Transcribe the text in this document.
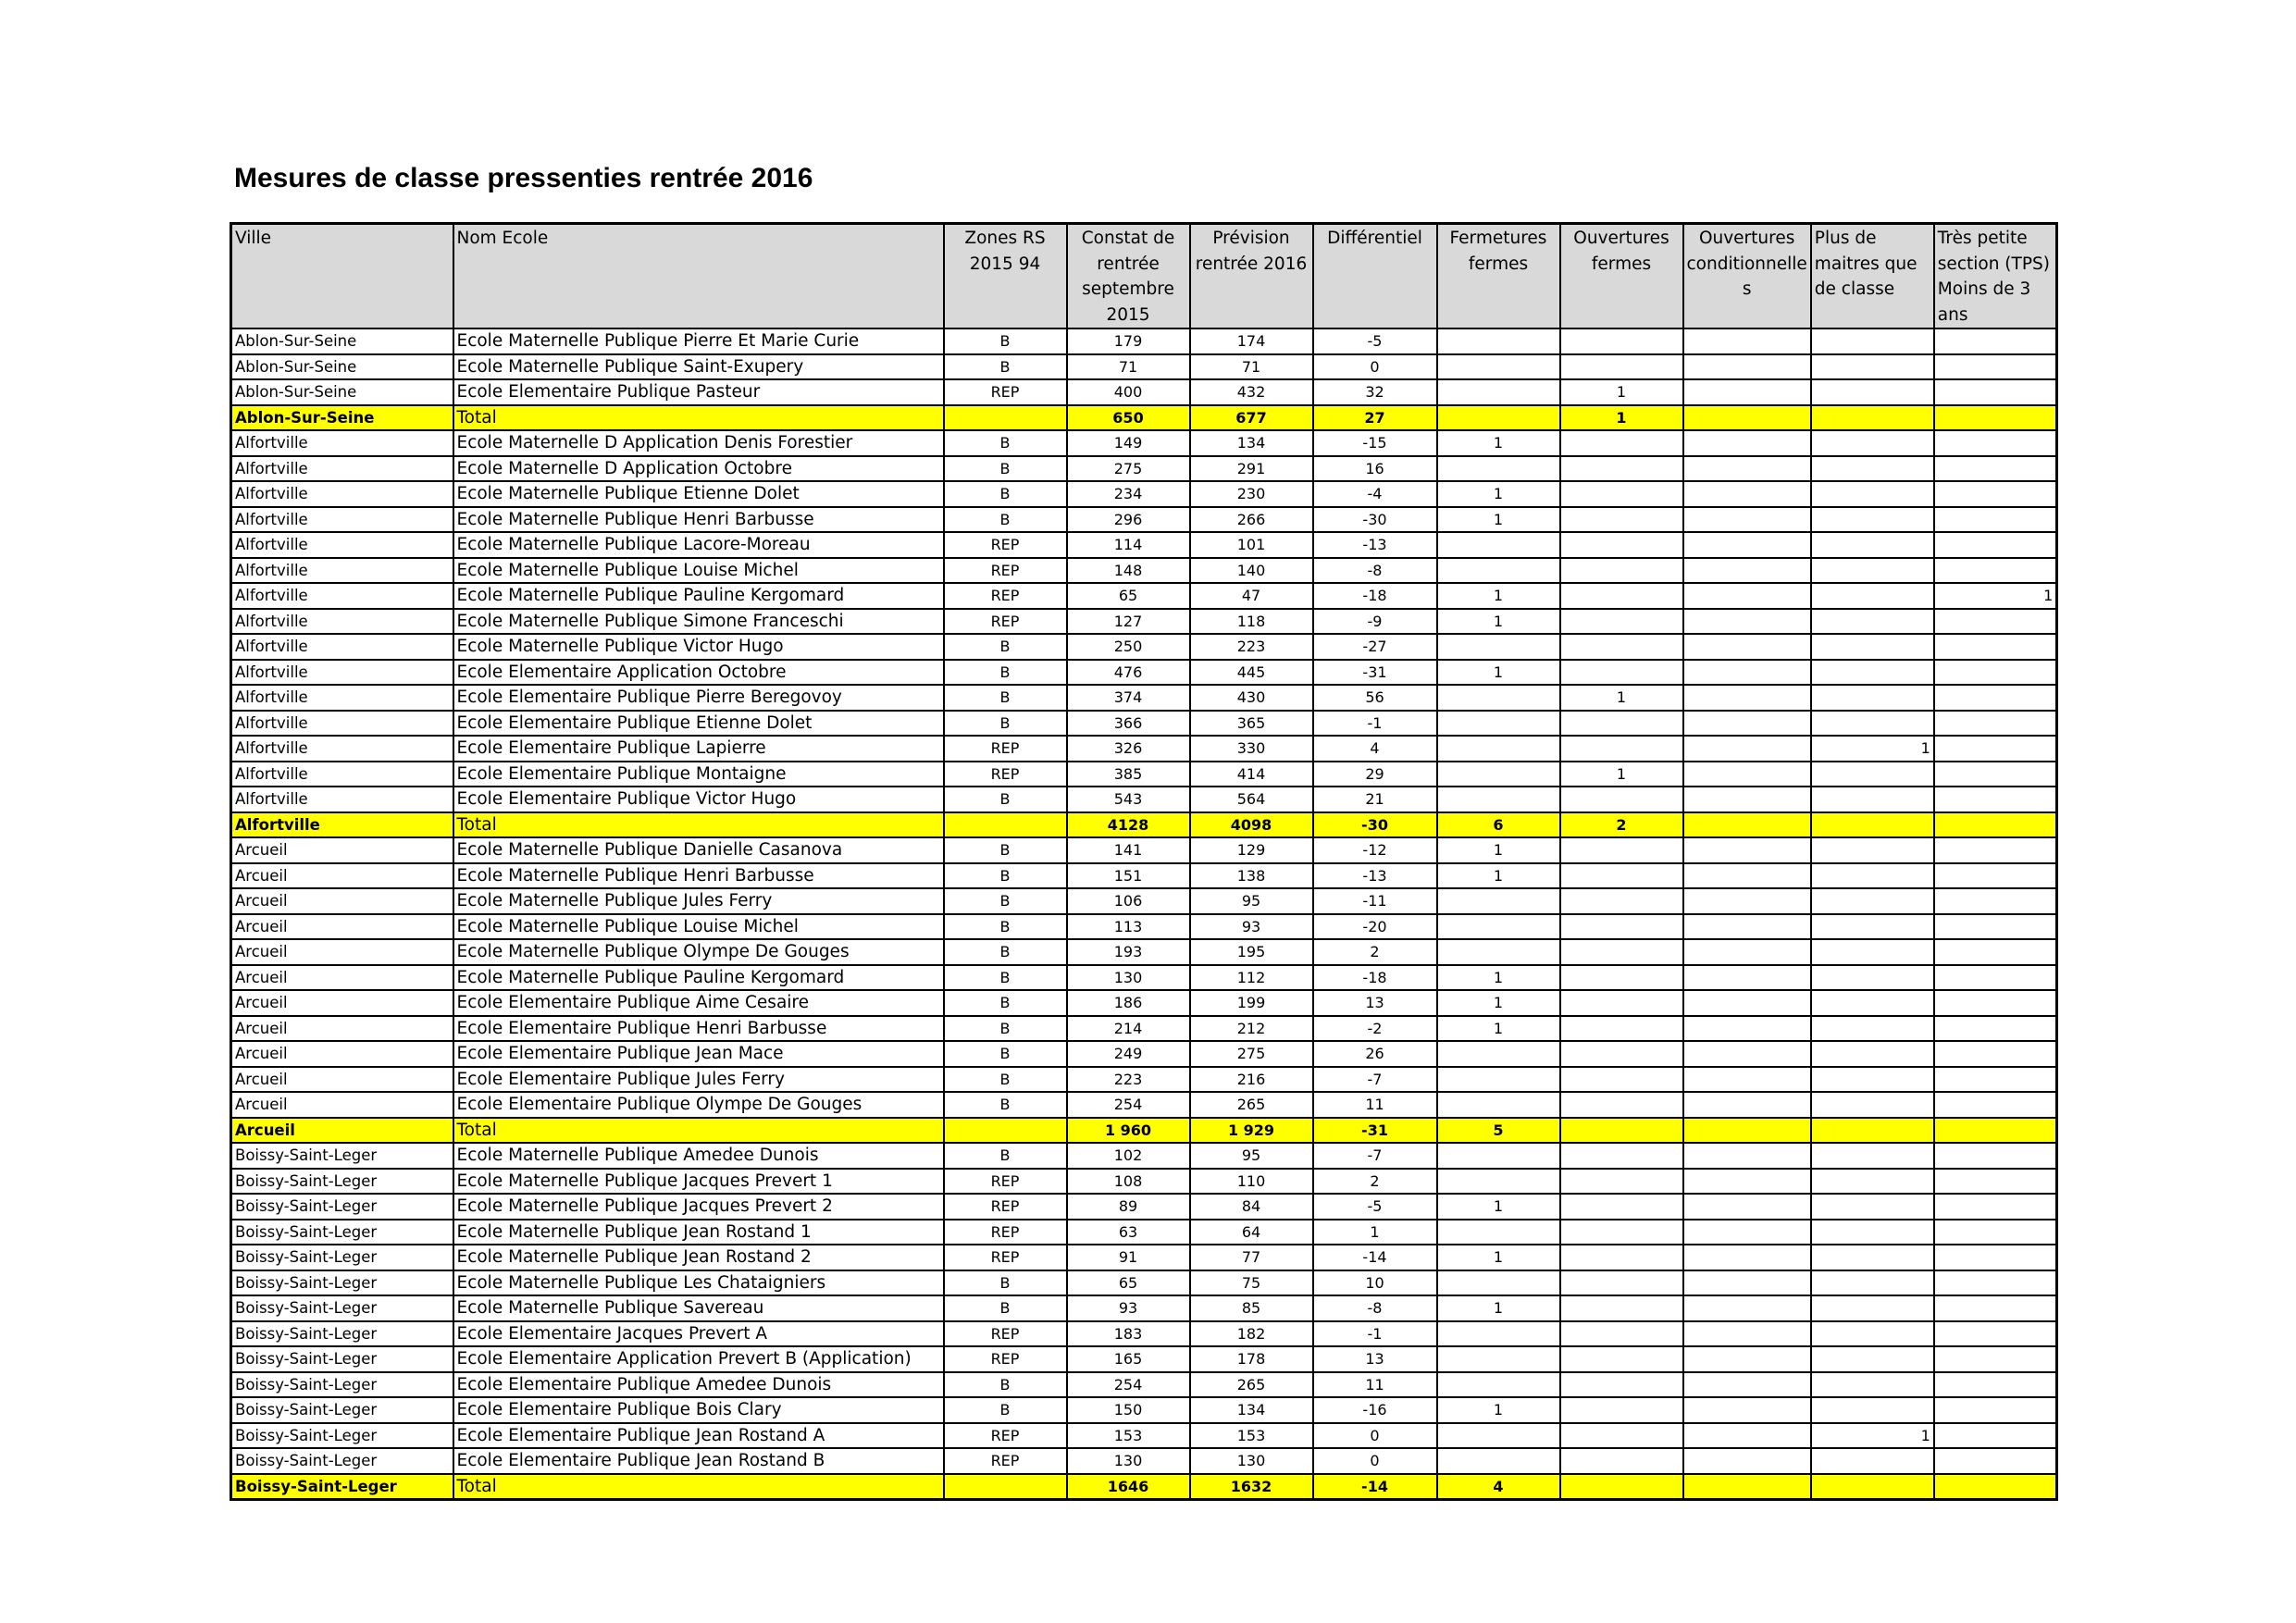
Mesures de classe pressenties rentrée 2016
Ville	Nom Ecole	Zones RS 2015 94	Constat de rentrée septembre 2015	Prévision rentrée 2016	Différentiel	Fermetures fermes	Ouvertures fermes	Ouvertures conditionnelle s	Plus de maitres que de classe	Très petite section (TPS) Moins de 3 ans
Ablon-Sur-Seine	Ecole Maternelle Publique Pierre Et Marie Curie	B	179	174	-5					
Ablon-Sur-Seine	Ecole Maternelle Publique Saint-Exupery	B	71	71	0					
Ablon-Sur-Seine	Ecole Elementaire Publique Pasteur	REP	400	432	32		1			
Ablon-Sur-Seine	Total		650	677	27		1			
Alfortville	Ecole Maternelle D Application Denis Forestier	B	149	134	-15	1				
Alfortville	Ecole Maternelle D Application Octobre	B	275	291	16					
Alfortville	Ecole Maternelle Publique Etienne Dolet	B	234	230	-4	1				
Alfortville	Ecole Maternelle Publique Henri Barbusse	B	296	266	-30	1				
Alfortville	Ecole Maternelle Publique Lacore-Moreau	REP	114	101	-13					
Alfortville	Ecole Maternelle Publique Louise Michel	REP	148	140	-8					
Alfortville	Ecole Maternelle Publique Pauline Kergomard	REP	65	47	-18	1				1
Alfortville	Ecole Maternelle Publique Simone Franceschi	REP	127	118	-9	1				
Alfortville	Ecole Maternelle Publique Victor Hugo	B	250	223	-27					
Alfortville	Ecole Elementaire Application Octobre	B	476	445	-31	1				
Alfortville	Ecole Elementaire Publique Pierre Beregovoy	B	374	430	56		1			
Alfortville	Ecole Elementaire Publique Etienne Dolet	B	366	365	-1					
Alfortville	Ecole Elementaire Publique Lapierre	REP	326	330	4				1	
Alfortville	Ecole Elementaire Publique Montaigne	REP	385	414	29		1			
Alfortville	Ecole Elementaire Publique Victor Hugo	B	543	564	21					
Alfortville	Total		4128	4098	-30	6	2			
Arcueil	Ecole Maternelle Publique Danielle Casanova	B	141	129	-12	1				
Arcueil	Ecole Maternelle Publique Henri Barbusse	B	151	138	-13	1				
Arcueil	Ecole Maternelle Publique Jules Ferry	B	106	95	-11					
Arcueil	Ecole Maternelle Publique Louise Michel	B	113	93	-20					
Arcueil	Ecole Maternelle Publique Olympe De Gouges	B	193	195	2					
Arcueil	Ecole Maternelle Publique Pauline Kergomard	B	130	112	-18	1				
Arcueil	Ecole Elementaire Publique Aime Cesaire	B	186	199	13	1				
Arcueil	Ecole Elementaire Publique Henri Barbusse	B	214	212	-2	1				
Arcueil	Ecole Elementaire Publique Jean Mace	B	249	275	26					
Arcueil	Ecole Elementaire Publique Jules Ferry	B	223	216	-7					
Arcueil	Ecole Elementaire Publique Olympe De Gouges	B	254	265	11					
Arcueil	Total		1 960	1 929	-31	5				
Boissy-Saint-Leger	Ecole Maternelle Publique Amedee Dunois	B	102	95	-7					
Boissy-Saint-Leger	Ecole Maternelle Publique Jacques Prevert 1	REP	108	110	2					
Boissy-Saint-Leger	Ecole Maternelle Publique Jacques Prevert 2	REP	89	84	-5	1				
Boissy-Saint-Leger	Ecole Maternelle Publique Jean Rostand 1	REP	63	64	1					
Boissy-Saint-Leger	Ecole Maternelle Publique Jean Rostand 2	REP	91	77	-14	1				
Boissy-Saint-Leger	Ecole Maternelle Publique Les Chataigniers	B	65	75	10					
Boissy-Saint-Leger	Ecole Maternelle Publique Savereau	B	93	85	-8	1				
Boissy-Saint-Leger	Ecole Elementaire Jacques Prevert A	REP	183	182	-1					
Boissy-Saint-Leger	Ecole Elementaire Application Prevert B (Application)	REP	165	178	13					
Boissy-Saint-Leger	Ecole Elementaire Publique Amedee Dunois	B	254	265	11					
Boissy-Saint-Leger	Ecole Elementaire Publique Bois Clary	B	150	134	-16	1				
Boissy-Saint-Leger	Ecole Elementaire Publique Jean Rostand A	REP	153	153	0				1	
Boissy-Saint-Leger	Ecole Elementaire Publique Jean Rostand B	REP	130	130	0					
Boissy-Saint-Leger	Total		1646	1632	-14	4				
